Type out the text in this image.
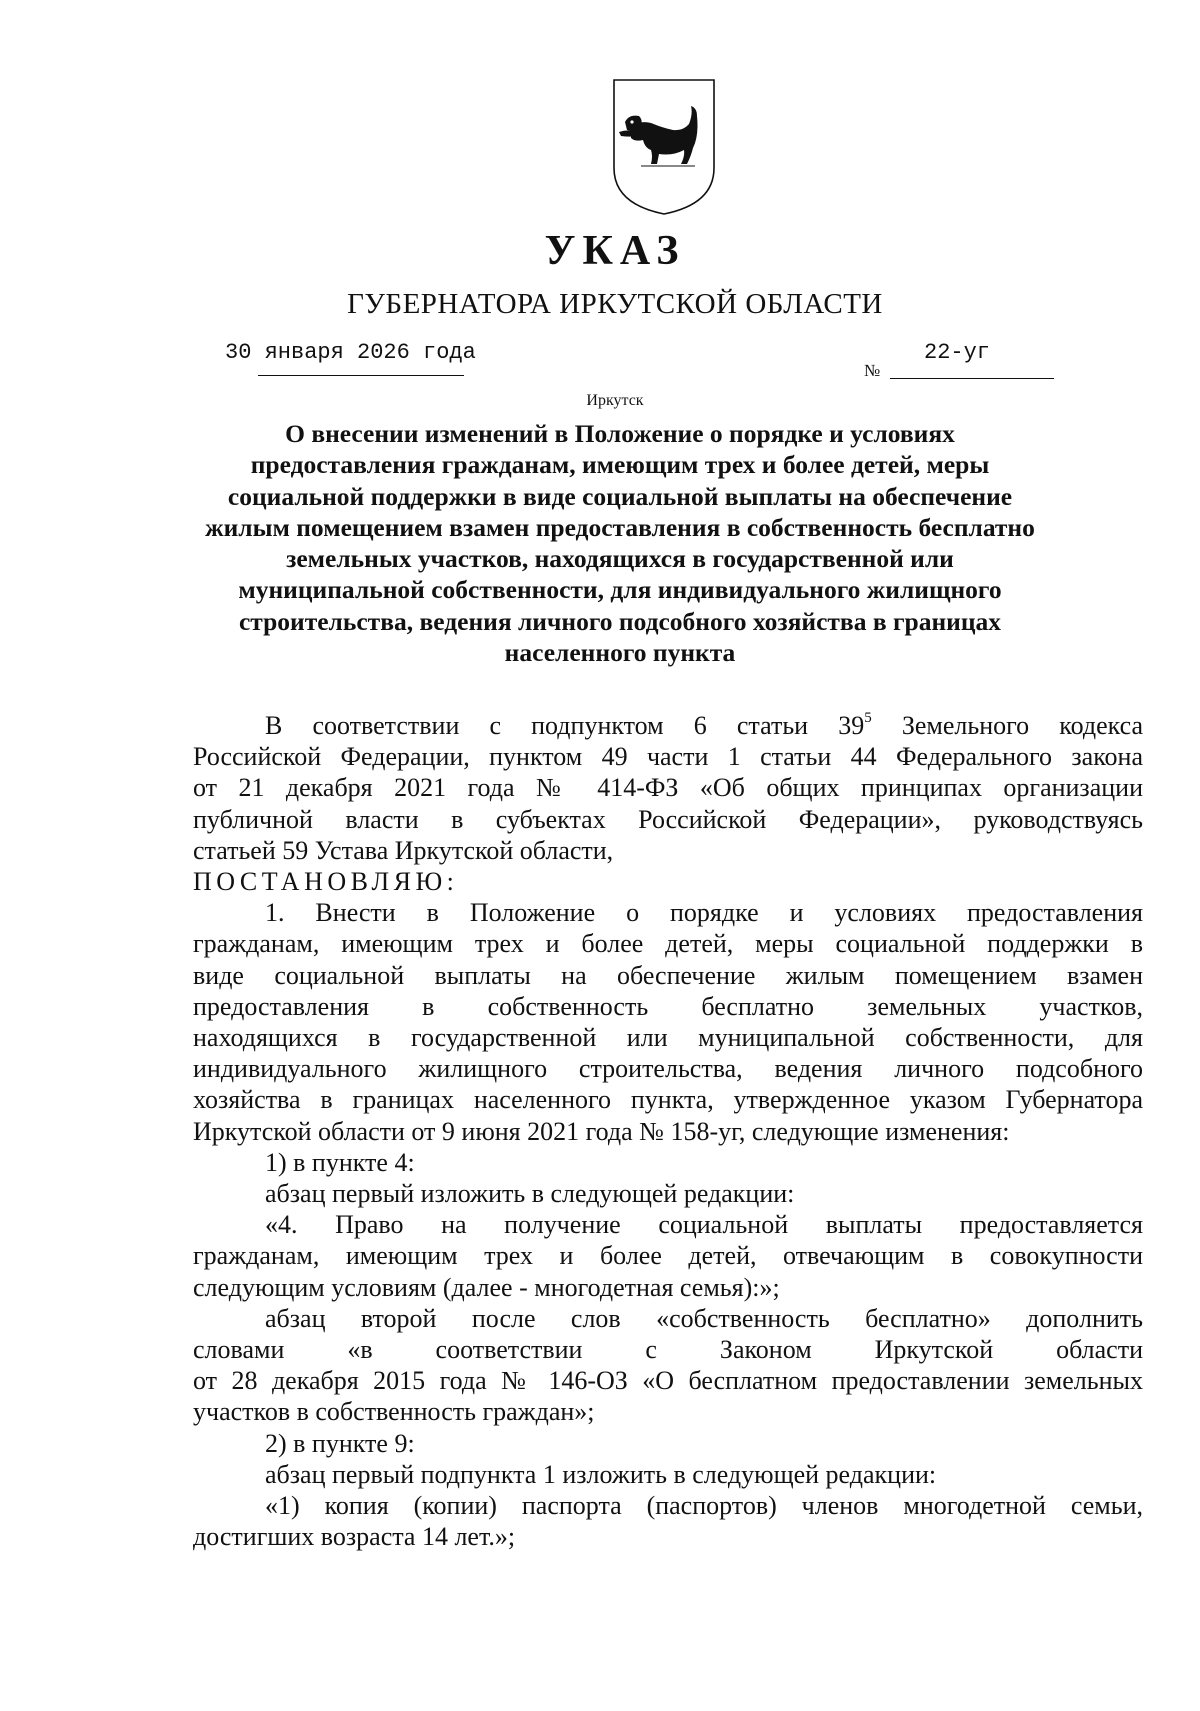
УКАЗ
ГУБЕРНАТОРА ИРКУТСКОЙ ОБЛАСТИ
30 января 2026 года
№
22-уг
Иркутск
О внесении изменений в Положение о порядке и условиях
предоставления гражданам, имеющим трех и более детей, меры
социальной поддержки в виде социальной выплаты на обеспечение
жилым помещением взамен предоставления в собственность бесплатно
земельных участков, находящихся в государственной или
муниципальной собственности, для индивидуального жилищного
строительства, ведения личного подсобного хозяйства в границах
населенного пункта
В соответствии с подпунктом 6 статьи $39^5$ Земельного кодекса
Российской Федерации, пунктом 49 части 1 статьи 44 Федерального закона
от 21 декабря 2021 года № 414-ФЗ «Об общих принципах организации
публичной власти в субъектах Российской Федерации», руководствуясь
статьей 59 Устава Иркутской области,
ПОСТАНОВЛЯЮ:
1. Внести в Положение о порядке и условиях предоставления
гражданам, имеющим трех и более детей, меры социальной поддержки в
виде социальной выплаты на обеспечение жилым помещением взамен
предоставления в собственность бесплатно земельных участков,
находящихся в государственной или муниципальной собственности, для
индивидуального жилищного строительства, ведения личного подсобного
хозяйства в границах населенного пункта, утвержденное указом Губернатора
Иркутской области от 9 июня 2021 года № 158-уг, следующие изменения:
1) в пункте 4:
абзац первый изложить в следующей редакции:
«4. Право на получение социальной выплаты предоставляется
гражданам, имеющим трех и более детей, отвечающим в совокупности
следующим условиям (далее - многодетная семья):»;
абзац второй после слов «собственность бесплатно» дополнить
словами «в соответствии с Законом Иркутской области
от 28 декабря 2015 года № 146-ОЗ «О бесплатном предоставлении земельных
участков в собственность граждан»;
2) в пункте 9:
абзац первый подпункта 1 изложить в следующей редакции:
«1) копия (копии) паспорта (паспортов) членов многодетной семьи,
достигших возраста 14 лет.»;
